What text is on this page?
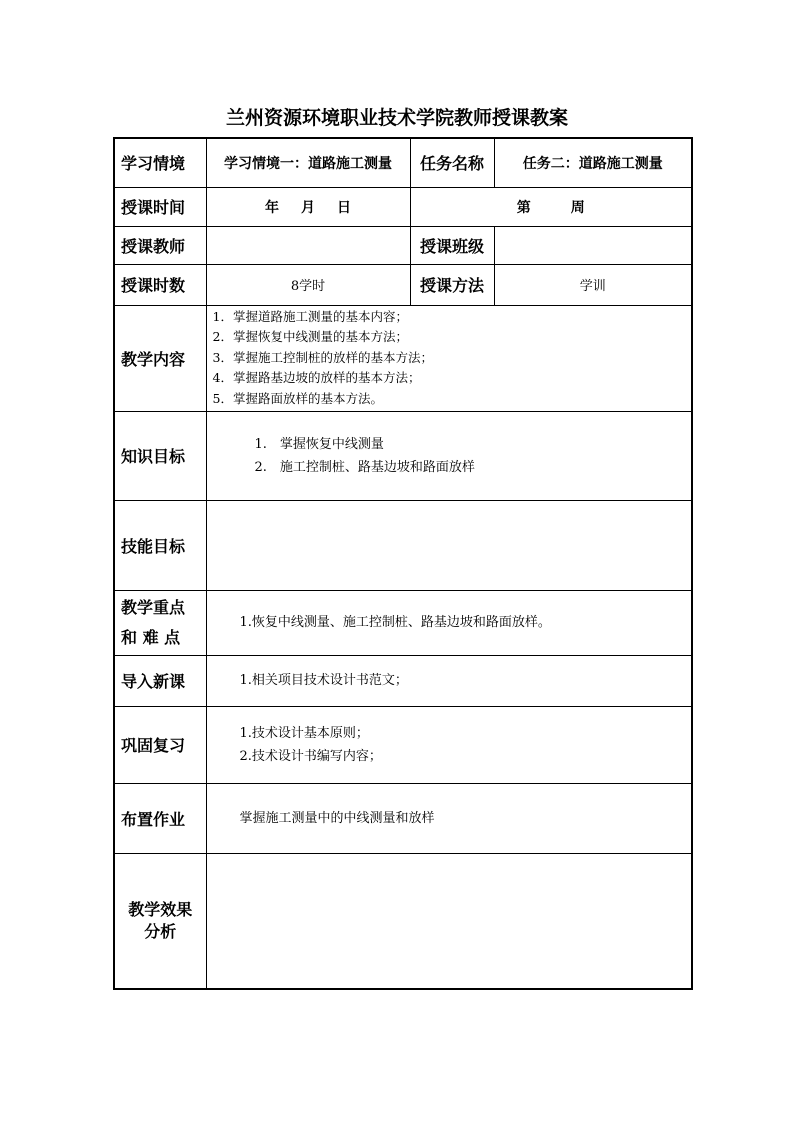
兰州资源环境职业技术学院教师授课教案
学习情境	学习情境一：道路施工测量	任务名称	任务二：道路施工测量
授课时间	年 月 日	第 周	
授课教师		授课班级	
授课时数	8学时	授课方法	学训
教学内容	1．掌握道路施工测量的基本内容；
2．掌握恢复中线测量的基本方法；
3．掌握施工控制桩的放样的基本方法；
4．掌握路基边坡的放样的基本方法；
5．掌握路面放样的基本方法。		

知识目标	1.　掌握恢复中线测量
2.　施工控制桩、路基边坡和路面放样		

技能目标			

教学重点
和 难 点	1.恢复中线测量、施工控制桩、路基边坡和路面放样。		
导入新课	1.相关项目技术设计书范文；		
巩固复习	1.技术设计基本原则；
2.技术设计书编写内容；		

布置作业	掌握施工测量中的中线测量和放样		

教学效果
分析			
